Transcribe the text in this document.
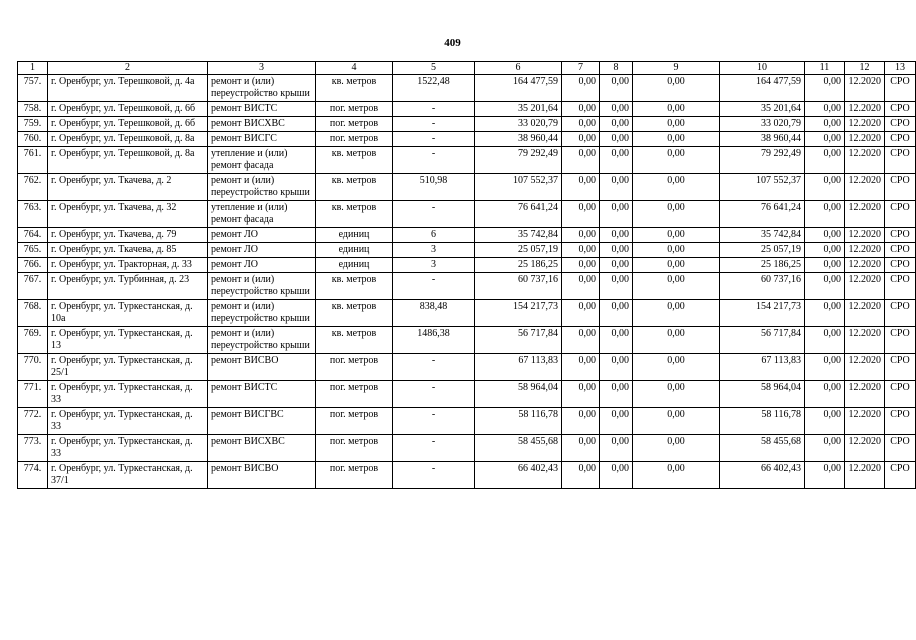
409
1	2	3	4	5	6	7	8	9	10	11	12	13
757.	г. Оренбург, ул. Терешковой, д. 4а	ремонт и (или) переустройство крыши	кв. метров	1522,48	164 477,59	0,00	0,00	0,00	164 477,59	0,00	12.2020	СРО
758.	г. Оренбург, ул. Терешковой, д. 6б	ремонт ВИСТС	пог. метров	-	35 201,64	0,00	0,00	0,00	35 201,64	0,00	12.2020	СРО
759.	г. Оренбург, ул. Терешковой, д. 6б	ремонт ВИСХВС	пог. метров	-	33 020,79	0,00	0,00	0,00	33 020,79	0,00	12.2020	СРО
760.	г. Оренбург, ул. Терешковой, д. 8а	ремонт ВИСГС	пог. метров	-	38 960,44	0,00	0,00	0,00	38 960,44	0,00	12.2020	СРО
761.	г. Оренбург, ул. Терешковой, д. 8а	утепление и (или) ремонт фасада	кв. метров	-	79 292,49	0,00	0,00	0,00	79 292,49	0,00	12.2020	СРО
762.	г. Оренбург, ул. Ткачева, д. 2	ремонт и (или) переустройство крыши	кв. метров	510,98	107 552,37	0,00	0,00	0,00	107 552,37	0,00	12.2020	СРО
763.	г. Оренбург, ул. Ткачева, д. 32	утепление и (или) ремонт фасада	кв. метров	-	76 641,24	0,00	0,00	0,00	76 641,24	0,00	12.2020	СРО
764.	г. Оренбург, ул. Ткачева, д. 79	ремонт ЛО	единиц	6	35 742,84	0,00	0,00	0,00	35 742,84	0,00	12.2020	СРО
765.	г. Оренбург, ул. Ткачева, д. 85	ремонт ЛО	единиц	3	25 057,19	0,00	0,00	0,00	25 057,19	0,00	12.2020	СРО
766.	г. Оренбург, ул. Тракторная, д. 33	ремонт ЛО	единиц	3	25 186,25	0,00	0,00	0,00	25 186,25	0,00	12.2020	СРО
767.	г. Оренбург, ул. Турбинная, д. 23	ремонт и (или) переустройство крыши	кв. метров	-	60 737,16	0,00	0,00	0,00	60 737,16	0,00	12.2020	СРО
768.	г. Оренбург, ул. Туркестанская, д. 10а	ремонт и (или) переустройство крыши	кв. метров	838,48	154 217,73	0,00	0,00	0,00	154 217,73	0,00	12.2020	СРО
769.	г. Оренбург, ул. Туркестанская, д. 13	ремонт и (или) переустройство крыши	кв. метров	1486,38	56 717,84	0,00	0,00	0,00	56 717,84	0,00	12.2020	СРО
770.	г. Оренбург, ул. Туркестанская, д. 25/1	ремонт ВИСВО	пог. метров	-	67 113,83	0,00	0,00	0,00	67 113,83	0,00	12.2020	СРО
771.	г. Оренбург, ул. Туркестанская, д. 33	ремонт ВИСТС	пог. метров	-	58 964,04	0,00	0,00	0,00	58 964,04	0,00	12.2020	СРО
772.	г. Оренбург, ул. Туркестанская, д. 33	ремонт ВИСГВС	пог. метров	-	58 116,78	0,00	0,00	0,00	58 116,78	0,00	12.2020	СРО
773.	г. Оренбург, ул. Туркестанская, д. 33	ремонт ВИСХВС	пог. метров	-	58 455,68	0,00	0,00	0,00	58 455,68	0,00	12.2020	СРО
774.	г. Оренбург, ул. Туркестанская, д. 37/1	ремонт ВИСВО	пог. метров	-	66 402,43	0,00	0,00	0,00	66 402,43	0,00	12.2020	СРО
